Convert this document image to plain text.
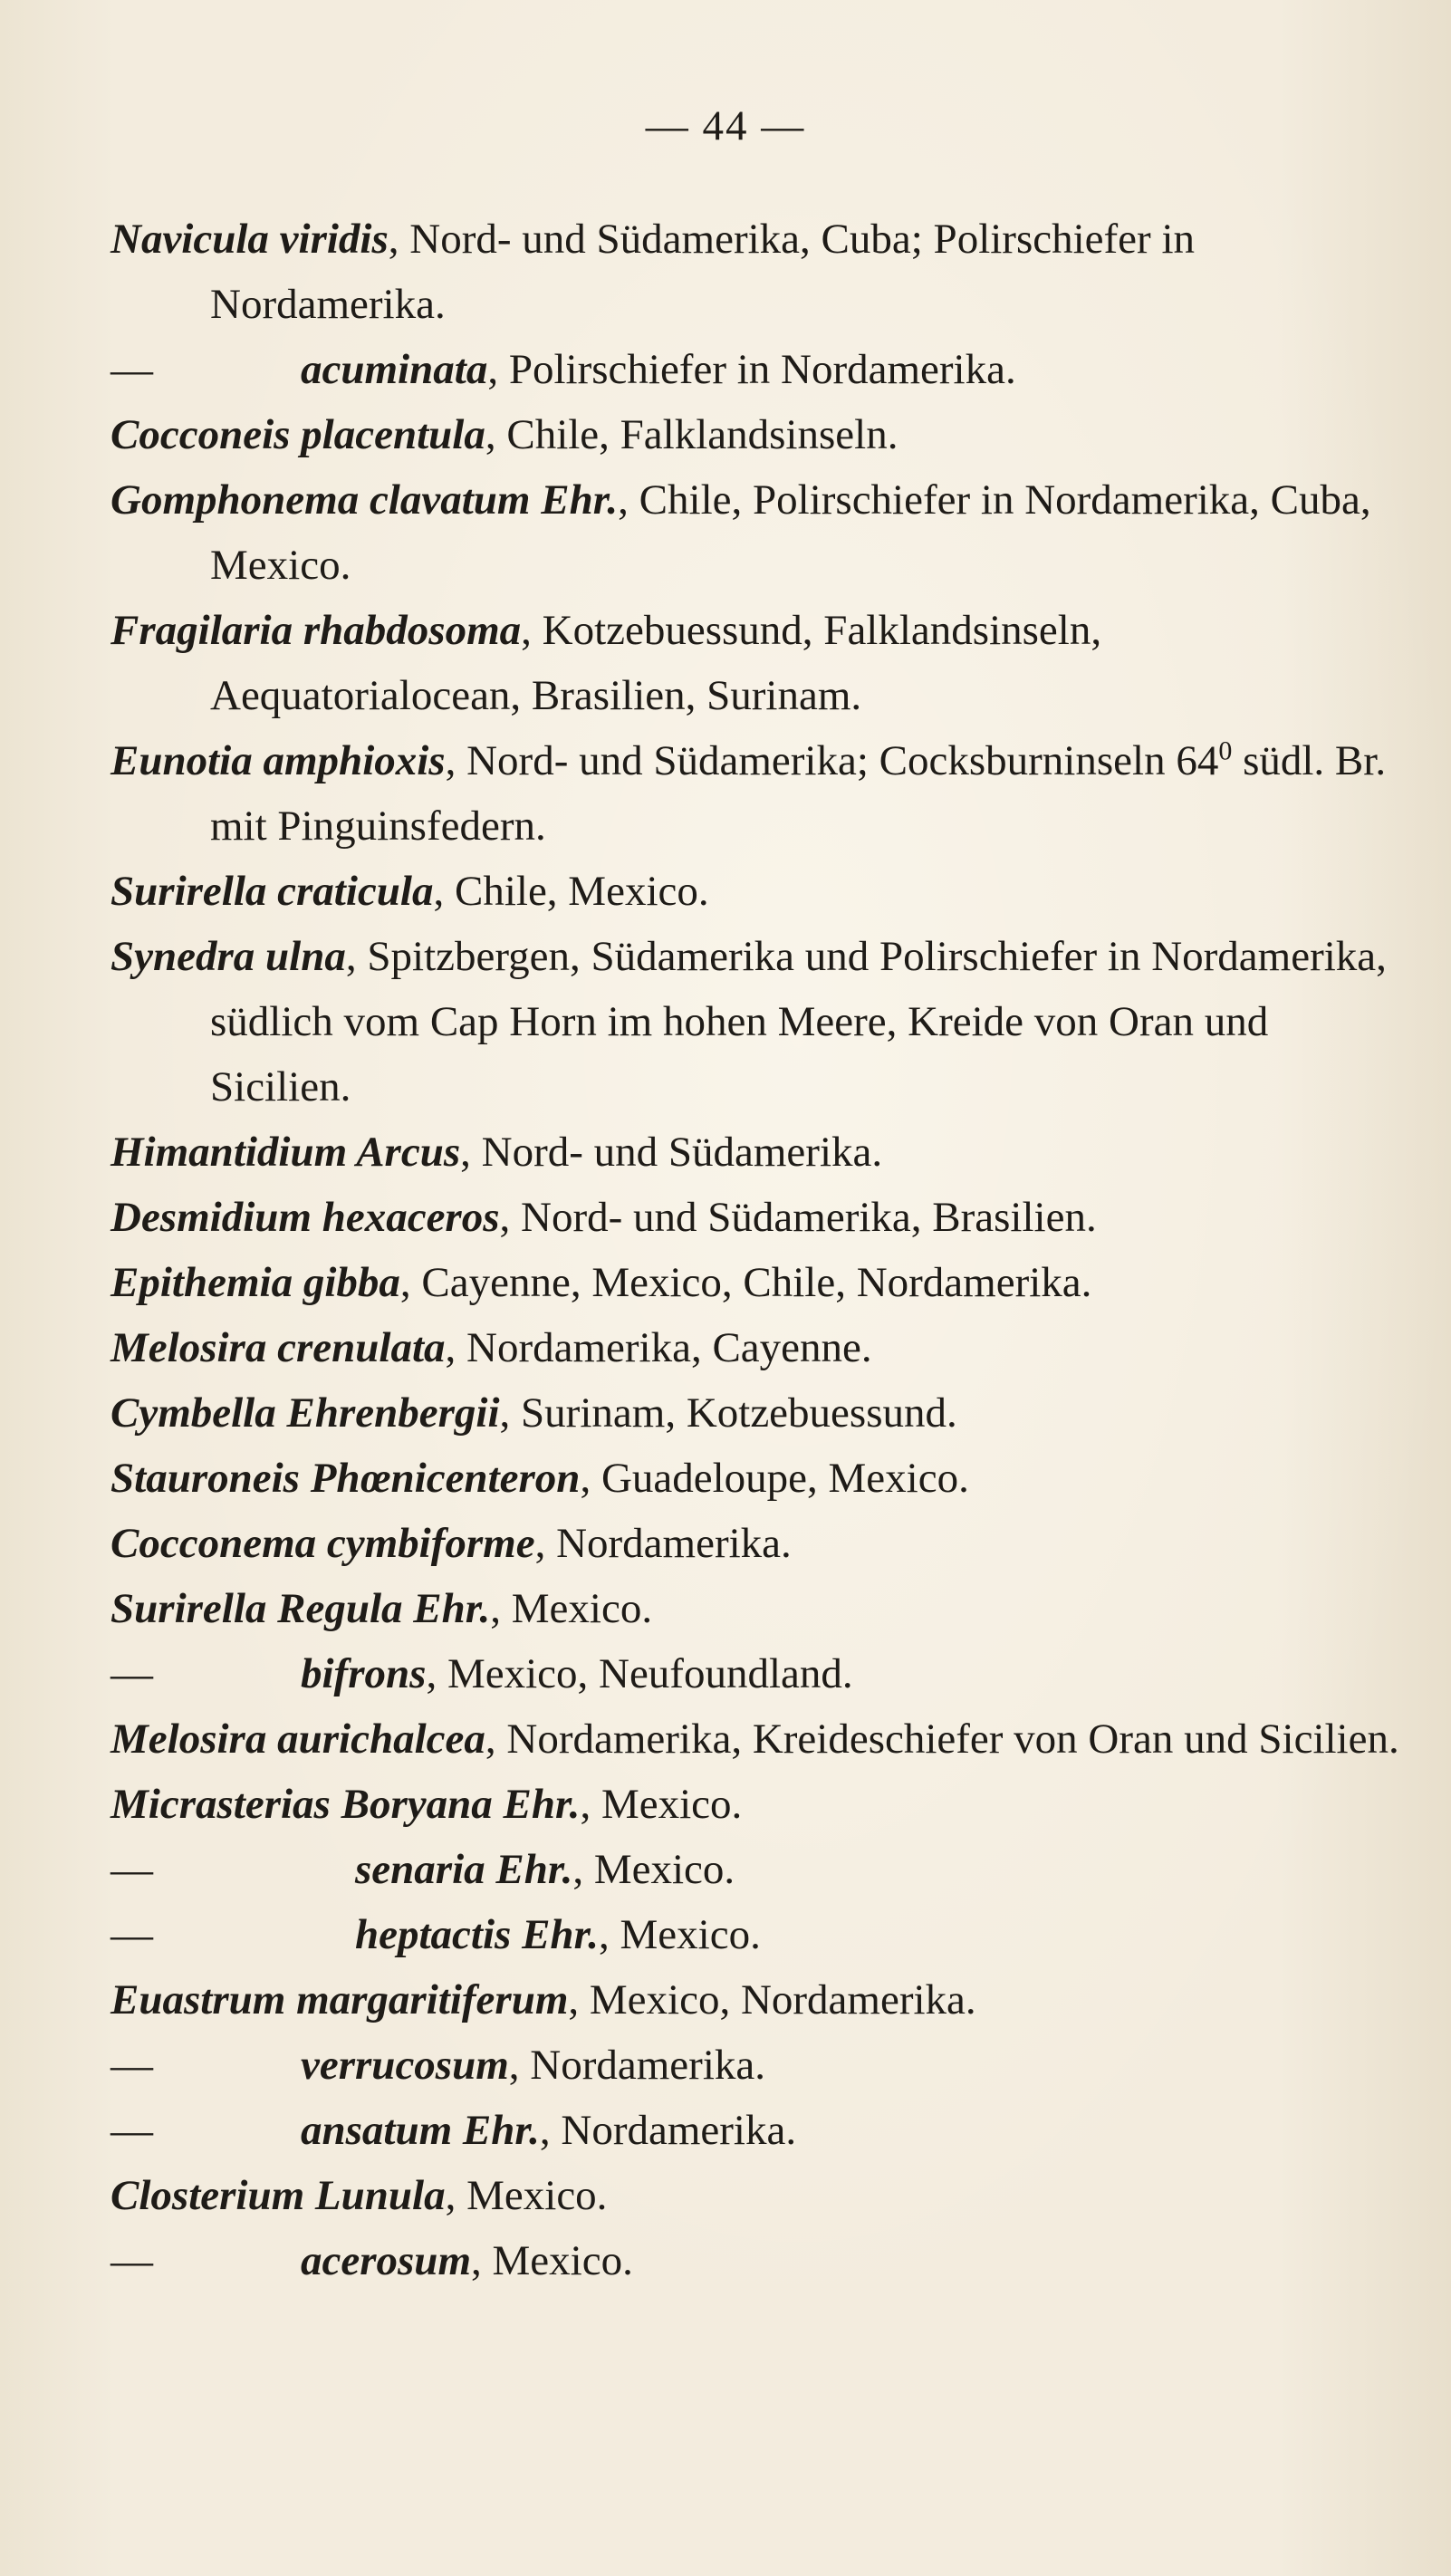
— 44 —

Navicula viridis, Nord- und Südamerika, Cuba; Polirschiefer in Nordamerika.

—	acuminata, Polirschiefer in Nordamerika.

Cocconeis placentula, Chile, Falklandsinseln.

Gomphonema clavatum Ehr., Chile, Polirschiefer in Nordamerika, Cuba, Mexico.

Fragilaria rhabdosoma, Kotzebuessund, Falklandsinseln, Aequatorialocean, Brasilien, Surinam.

Eunotia amphioxis, Nord- und Südamerika; Cocksburninseln $64^0$ südl. Br. mit Pinguinsfedern.

Surirella craticula, Chile, Mexico.

Synedra ulna, Spitzbergen, Südamerika und Polirschiefer in Nordamerika, südlich vom Cap Horn im hohen Meere, Kreide von Oran und Sicilien.

Himantidium Arcus, Nord- und Südamerika.

Desmidium hexaceros, Nord- und Südamerika, Brasilien.

Epithemia gibba, Cayenne, Mexico, Chile, Nordamerika.

Melosira crenulata, Nordamerika, Cayenne.

Cymbella Ehrenbergii, Surinam, Kotzebuessund.

Stauroneis Phœnicenteron, Guadeloupe, Mexico.

Cocconema cymbiforme, Nordamerika.

Surirella Regula Ehr., Mexico.

—	bifrons, Mexico, Neufoundland.

Melosira aurichalcea, Nordamerika, Kreideschiefer von Oran und Sicilien.

Micrasterias Boryana Ehr., Mexico.

—	senaria Ehr., Mexico.

—	heptactis Ehr., Mexico.

Euastrum margaritiferum, Mexico, Nordamerika.

—	verrucosum, Nordamerika.

—	ansatum Ehr., Nordamerika.

Closterium Lunula, Mexico.

—	acerosum, Mexico.
